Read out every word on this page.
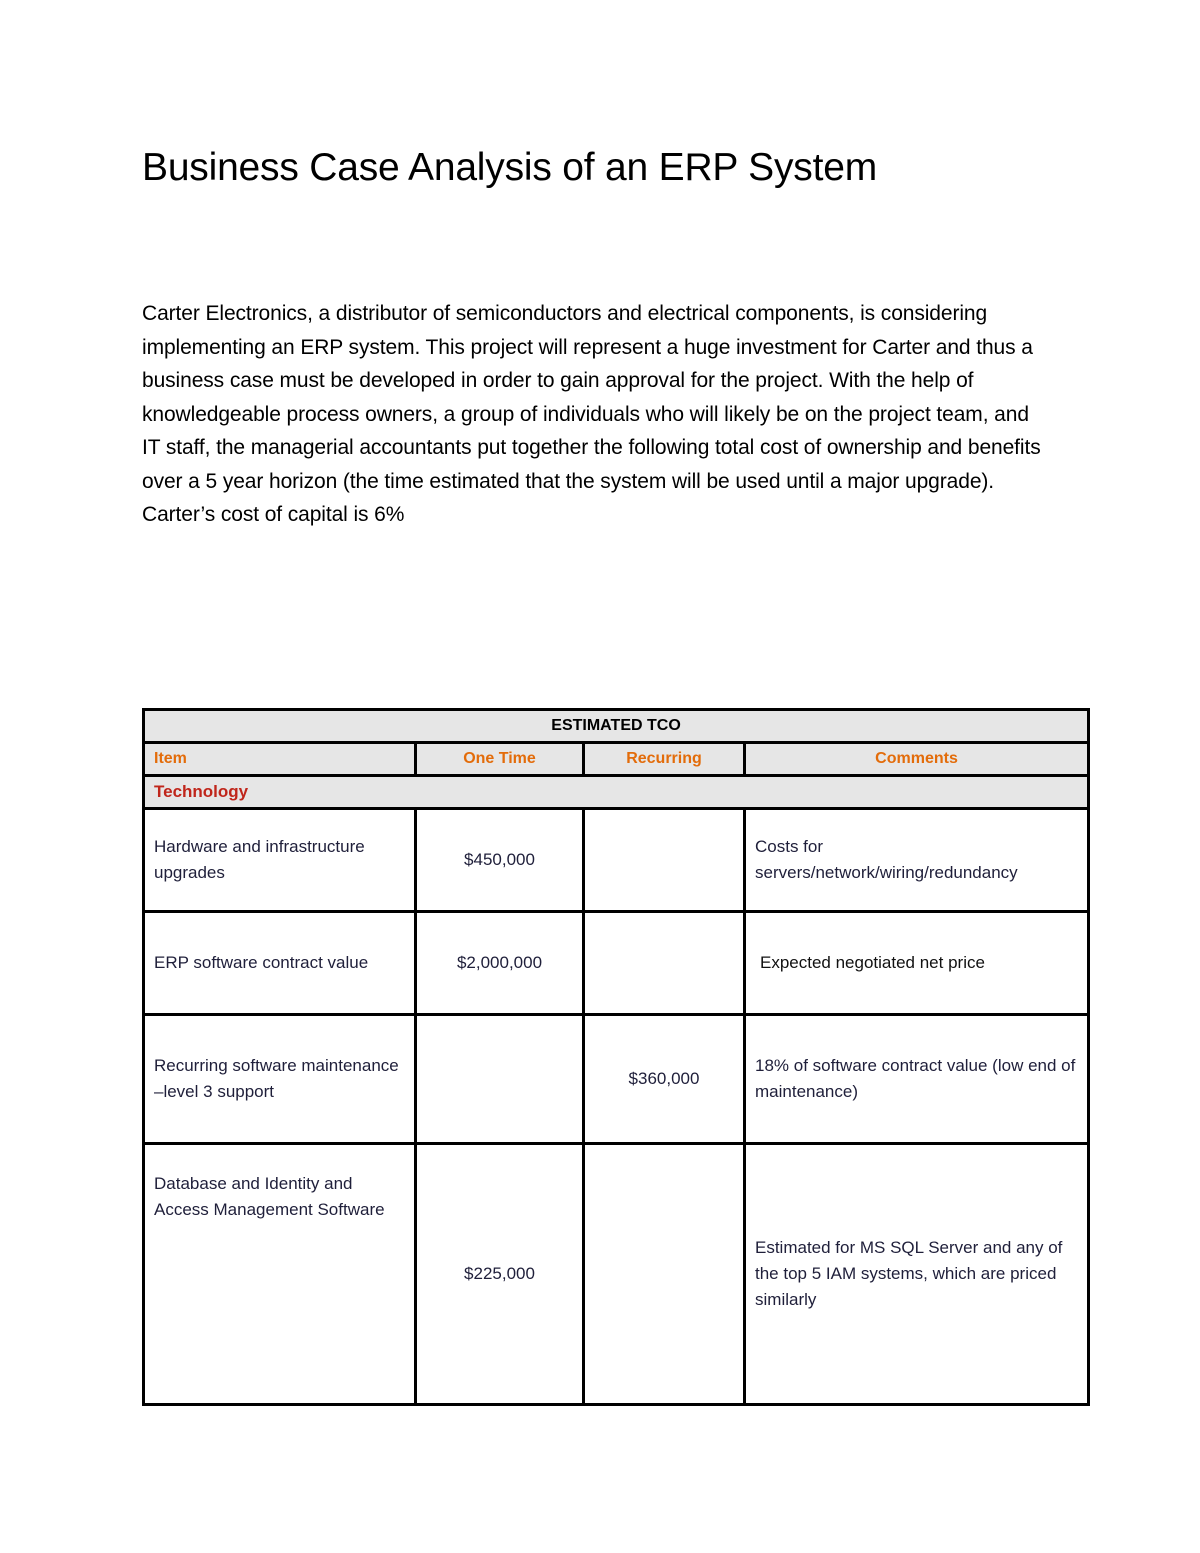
Business Case Analysis of an ERP System

Carter Electronics, a distributor of semiconductors and electrical components, is considering implementing an ERP system. This project will represent a huge investment for Carter and thus a business case must be developed in order to gain approval for the project. With the help of knowledgeable process owners, a group of individuals who will likely be on the project team, and IT staff, the managerial accountants put together the following total cost of ownership and benefits over a 5 year horizon (the time estimated that the system will be used until a major upgrade). Carter’s cost of capital is 6%

ESTIMATED TCO			
Item	One Time	Recurring	Comments
Technology			
Hardware and infrastructure upgrades	$450,000		Costs for servers/network/wiring/redundancy
ERP software contract value	$2,000,000		Expected negotiated net price
Recurring software maintenance –level 3 support		$360,000	18% of software contract value (low end of maintenance)
Database and Identity and Access Management Software	$225,000		Estimated for MS SQL Server and any of the top 5 IAM systems, which are priced similarly
